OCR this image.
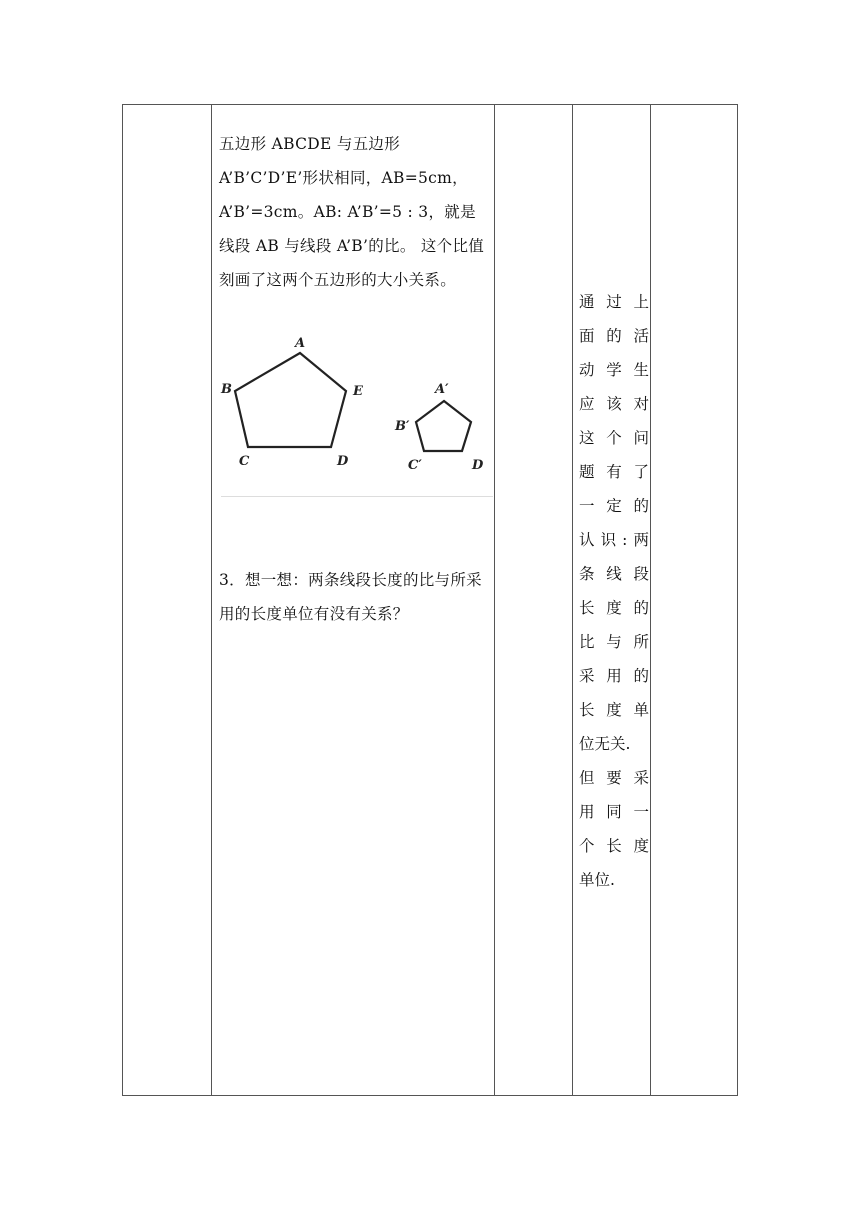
五边形 ABCDE 与五边形 A’B’C’D’E’形状相同，AB=5cm，A’B’=3cm。AB: A’B’=5 : 3，就是线段 AB 与线段 A’B’的比。 这个比值刻画了这两个五边形的大小关系。
A
B
C	D
E	A′
B′
C′	D
3．想一想：两条线段长度的比与所采用的长度单位有没有关系？
通 过 上
面 的 活
动 学 生
应 该 对
这 个 问
题 有 了
一 定 的
认 识 : 两
条 线 段
长 度 的
比 与 所
采 用 的
长 度 单
位无关.
但 要 采
用 同 一
个 长 度
单位.
